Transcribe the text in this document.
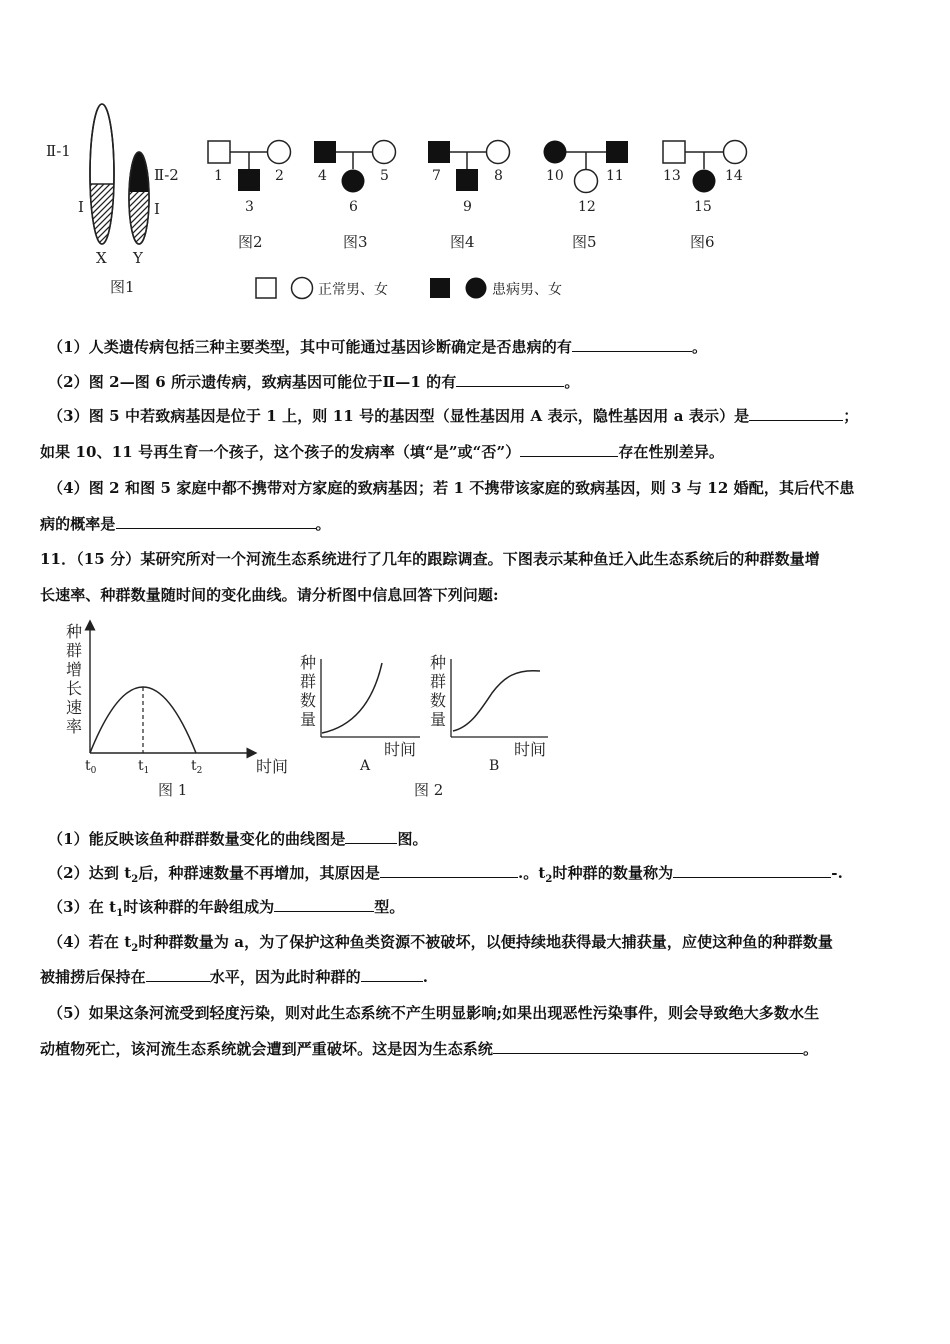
Ⅱ-1
Ⅱ-2
Ⅰ	Ⅰ
X Y
图1
1	2
3
图2
4	5
6
图3
7	8
9
图4
10	11
12
图5
13	14
15
图6
正常男、女	患病男、女
（1）人类遗传病包括三种主要类型，其中可能通过基因诊断确定是否患病的有	。
（2）图 2—图 6 所示遗传病，致病基因可能位于Ⅱ—1 的有	。
（3）图 5 中若致病基因是位于 1 上，则 11 号的基因型（显性基因用 A 表示，隐性基因用 a 表示）是	；
如果 10、11 号再生育一个孩子，这个孩子的发病率（填“是”或“否”）	存在性别差异。
（4）图 2 和图 5 家庭中都不携带对方家庭的致病基因；若 1 不携带该家庭的致病基因，则 3 与 12 婚配，其后代不患
病的概率是	。
11．（15 分）某研究所对一个河流生态系统进行了几年的跟踪调查。下图表示某种鱼迁入此生态系统后的种群数量增
长速率、种群数量随时间的变化曲线。请分析图中信息回答下列问题:
种 群 增 长 速 率
$t_0$	$t_1$	$t_2$	时间
图 1
种 群 数 量
时间
A
种 群 数 量
时间
B
图 2
（1）能反映该鱼种群群数量变化的曲线图是	图。
（2）达到 $t_2$后，种群速数量不再增加，其原因是	.。$t_2$时种群的数量称为	-.
（3）在 $t_1$时该种群的年龄组成为	型。
（4）若在 $t_2$时种群数量为 a，为了保护这种鱼类资源不被破坏，以便持续地获得最大捕获量，应使这种鱼的种群数量
被捕捞后保持在	水平，因为此时种群的	.
（5）如果这条河流受到轻度污染，则对此生态系统不产生明显影响;如果出现恶性污染事件，则会导致绝大多数水生
动植物死亡，该河流生态系统就会遭到严重破坏。这是因为生态系统	。
